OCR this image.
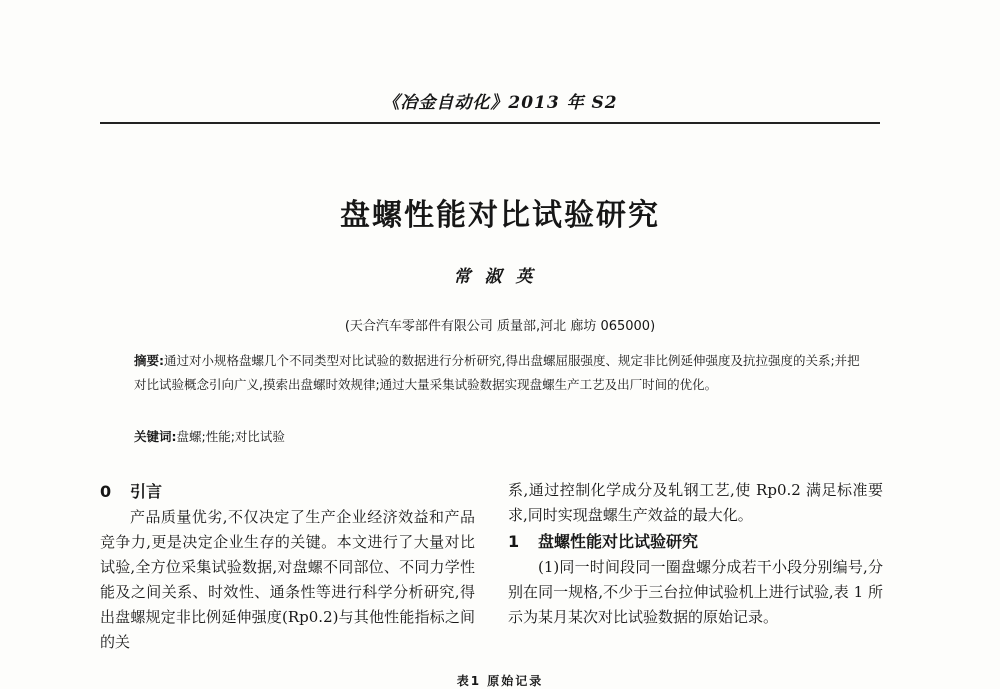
《冶金自动化》2013 年 S2
盘螺性能对比试验研究
常淑英
(天合汽车零部件有限公司 质量部,河北 廊坊 065000)
摘要:通过对小规格盘螺几个不同类型对比试验的数据进行分析研究,得出盘螺屈服强度、规定非比例延伸强度及抗拉强度的关系;并把对比试验概念引向广义,摸索出盘螺时效规律;通过大量采集试验数据实现盘螺生产工艺及出厂时间的优化。
关键词:盘螺;性能;对比试验
0 引言

产品质量优劣,不仅决定了生产企业经济效益和产品竞争力,更是决定企业生存的关键。本文进行了大量对比试验,全方位采集试验数据,对盘螺不同部位、不同力学性能及之间关系、时效性、通条性等进行科学分析研究,得出盘螺规定非比例延伸强度(Rp0.2)与其他性能指标之间的关

系,通过控制化学成分及轧钢工艺,使 Rp0.2 满足标准要求,同时实现盘螺生产效益的最大化。

1 盘螺性能对比试验研究

(1)同一时间段同一圈盘螺分成若干小段分别编号,分别在同一规格,不少于三台拉伸试验机上进行试验,表 1 所示为某月某次对比试验数据的原始记录。

表1 原始记录
